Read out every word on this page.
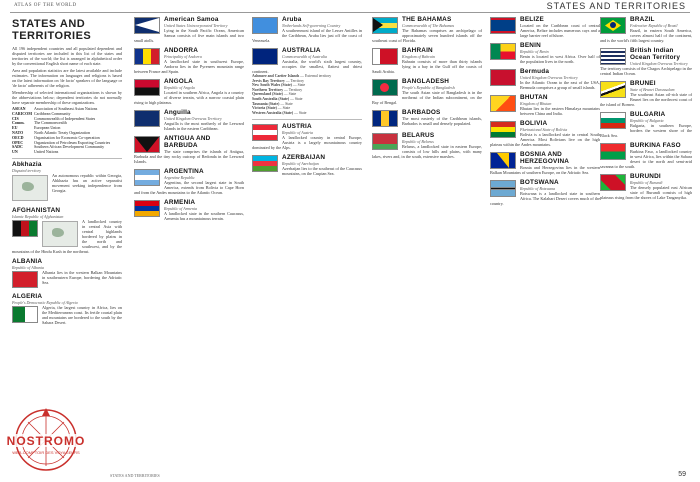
ATLAS OF THE WORLD	STATES AND TERRITORIES
STATES AND TERRITORIES

All 196 independent countries and all populated dependent and disputed territories are included in this list of the states and territories of the world; the list is arranged in alphabetical order by the conventional English short name of each state.

Area and population statistics are the latest available and include estimates. The information on languages and religions is based on the latest information on 'de facto' speakers of the language or 'de facto' adherents of the religion.

Membership of selected international organizations is shown by the abbreviations below; dependent territories do not normally have separate membership of these organizations.

ASEAN	Association of Southeast Asian Nations
CARICOM Caribbean Community
CIS	Commonwealth of Independent States
Comm.	The Commonwealth
EU	European Union
NATO	North Atlantic Treaty Organization
OECD	Organisation for Economic Co-operation
OPEC	Organization of Petroleum Exporting Countries
SADC	Southern African Development Community
UN	United Nations
Abkhazia
Disputed territory
An autonomous republic within Georgia, Abkhazia has an active separatist movement seeking independence from Georgia.
AFGHANISTAN
Islamic Republic of Afghanistan
A landlocked country in central Asia with central highlands bordered by plains in the north and southwest, and by the mountains of the Hindu Kush in the northeast.
ALBANIA
Republic of Albania
Albania lies in the western Balkan Mountains in southeastern Europe, bordering the Adriatic Sea.
ALGERIA
People's Democratic Republic of Algeria
Algeria, the largest country in Africa, lies on the Mediterranean coast. Its fertile coastal plain and mountains are bordered to the south by the Sahara Desert.
NOSTROMO
WEB-COMPTOIR DES VOYAGEURS
American Samoa
United States Unincorporated Territory
Lying in the South Pacific Ocean, American Samoa consists of five main islands and two small atolls.
ANDORRA
Principality of Andorra
A landlocked state in southwest Europe, Andorra lies in the Pyrenees mountain range between France and Spain.
ANGOLA
Republic of Angola
Located in southern Africa, Angola is a country of diverse terrain, with a narrow coastal plain rising to high plateaus.
Anguilla
United Kingdom Overseas Territory
Anguilla is the most northerly of the Leeward Islands in the eastern Caribbean.
ANTIGUA AND BARBUDA
The state comprises the islands of Antigua, Barbuda and the tiny rocky outcrop of Redonda in the Leeward Islands.
ARGENTINA
Argentine Republic
Argentina, the second largest state in South America, extends from Bolivia to Cape Horn and from the Andes mountains to the Atlantic Ocean.
ARMENIA
Republic of Armenia
A landlocked state in the southern Caucasus, Armenia has a mountainous terrain.
Aruba
Netherlands Self-governing Country
A southernmost island of the Lesser Antilles in the Caribbean, Aruba lies just off the coast of Venezuela.
AUSTRALIA
Commonwealth of Australia
Australia, the world's sixth largest country, occupies the smallest, flattest and driest continent.
Ashmore and Cartier Islands — External territory
Jervis Bay Territory — Territory
New South Wales (State) — State
Northern Territory — Territory
Queensland (State) — State
South Australia (State) — State
Tasmania (State) — State
Victoria (State) — State
Western Australia (State) — State
AUSTRIA
Republic of Austria
A landlocked country in central Europe, Austria is a largely mountainous country dominated by the Alps.
AZERBAIJAN
Republic of Azerbaijan
Azerbaijan lies to the southeast of the Caucasus mountains, on the Caspian Sea.
THE BAHAMAS
Commonwealth of The Bahamas
The Bahamas comprises an archipelago of approximately seven hundred islands off the southeast coast of Florida.
BAHRAIN
Kingdom of Bahrain
Bahrain consists of more than thirty islands lying in a bay in the Gulf off the coasts of Saudi Arabia.
BANGLADESH
People's Republic of Bangladesh
The south Asian state of Bangladesh is in the northeast of the Indian subcontinent, on the Bay of Bengal.
BARBADOS
The most easterly of the Caribbean islands, Barbados is small and densely populated.
BELARUS
Republic of Belarus
Belarus, a landlocked state in eastern Europe, consists of low hills and plains, with many lakes, rivers and, in the south, extensive marshes.
BELIZE
Located on the Caribbean coast of central America, Belize includes numerous cays and a large barrier reef offshore.
BENIN
Republic of Benin
Benin is located in west Africa. Over half of the population lives in the north.
Bermuda
United Kingdom Overseas Territory
In the Atlantic Ocean to the east of the USA, Bermuda comprises a group of small islands.
BHUTAN
Kingdom of Bhutan
Bhutan lies in the eastern Himalaya mountains between China and India.
BOLIVIA
Plurinational State of Bolivia
Bolivia is a landlocked state in central South America. Most Bolivians live on the high plateau within the Andes mountains.
BOSNIA AND HERZEGOVINA
Bosnia and Herzegovina lies in the western Balkan Mountains of southern Europe, on the Adriatic Sea.
BOTSWANA
Republic of Botswana
Botswana is a landlocked state in southern Africa. The Kalahari Desert covers much of the country.
BRAZIL
Federative Republic of Brazil
Brazil, in eastern South America, covers almost half of the continent, and is the world's fifth largest country.
British Indian Ocean Territory
United Kingdom Overseas Territory
The territory consists of the Chagos Archipelago in the central Indian Ocean.
BRUNEI
State of Brunei Darussalam
The southeast Asian oil-rich state of Brunei lies on the northwest coast of the island of Borneo.
BULGARIA
Republic of Bulgaria
Bulgaria, in southern Europe, borders the western shore of the Black Sea.
BURKINA FASO
Burkina Faso, a landlocked country in west Africa, lies within the Sahara desert to the north and semi-arid savanna to the south.
BURUNDI
Republic of Burundi
The densely populated east African state of Burundi consists of high plateaus rising from the shores of Lake Tanganyika.
STATES AND TERRITORIES	59
